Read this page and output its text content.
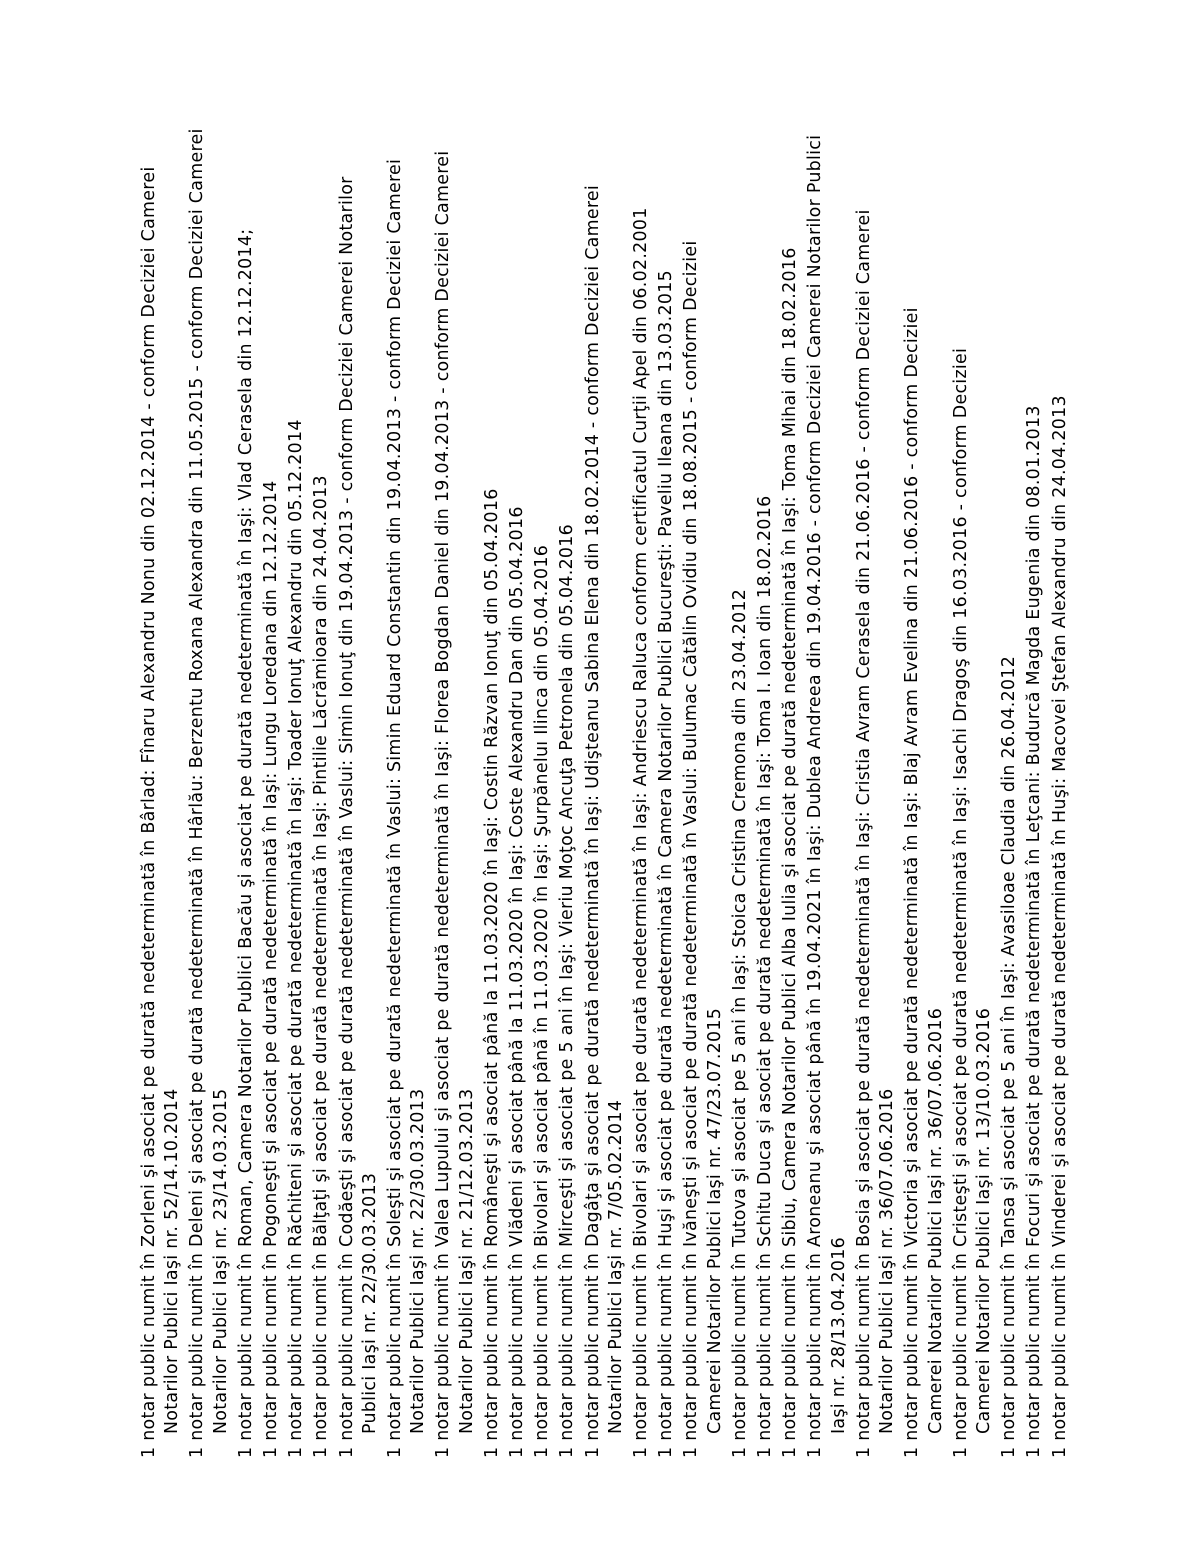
1 notar public numit în Zorleni şi asociat pe durată nedeterminată în Bârlad: Fînaru Alexandru Nonu din 02.12.2014 - conform Deciziei Camerei Notarilor Publici Iaşi nr. 52/14.10.2014 1 notar public numit în Deleni şi asociat pe durată nedeterminată în Hârlău: Berzentu Roxana Alexandra din 11.05.2015 - conform Deciziei Camerei Notarilor Publici Iaşi nr. 23/14.03.2015 1 notar public numit în Roman, Camera Notarilor Publici Bacău şi asociat pe durată nedeterminată în Iaşi: Vlad Cerasela din 12.12.2014; 1 notar public numit în Pogoneşti şi asociat pe durată nedeterminată în Iaşi: Lungu Loredana din 12.12.2014 1 notar public numit în Răchiteni şi asociat pe durată nedeterminată în Iaşi: Toader Ionuţ Alexandru din 05.12.2014 1 notar public numit în Bălţaţi şi asociat pe durată nedeterminată în Iaşi: Pintilie Lăcrămioara din 24.04.2013 1 notar public numit în Codăeşti şi asociat pe durată nedeterminată în Vaslui: Simin Ionuţ din 19.04.2013 - conform Deciziei Camerei Notarilor Publici Iaşi nr. 22/30.03.2013 1 notar public numit în Soleşti şi asociat pe durată nedeterminată în Vaslui: Simin Eduard Constantin din 19.04.2013 - conform Deciziei Camerei Notarilor Publici Iaşi nr. 22/30.03.2013 1 notar public numit în Valea Lupului şi asociat pe durată nedeterminată în Iaşi: Florea Bogdan Daniel din 19.04.2013 - conform Deciziei Camerei Notarilor Publici Iaşi nr. 21/12.03.2013 1 notar public numit în Româneşti şi asociat până la 11.03.2020 în Iaşi: Costin Răzvan Ionuţ din 05.04.2016 1 notar public numit în Vlădeni şi asociat până la 11.03.2020 în Iaşi: Coste Alexandru Dan din 05.04.2016 1 notar public numit în Bivolari şi asociat până în 11.03.2020 în Iaşi: Şurpăneluı Ilinca din 05.04.2016 1 notar public numit în Mirceşti şi asociat pe 5 ani în Iaşi: Vieriu Moţoc Ancuţa Petronela din 05.04.2016 1 notar public numit în Dagâţa şi asociat pe durată nedeterminată în Iaşi: Udişteanu Sabina Elena din 18.02.2014 - conform Deciziei Camerei Notarilor Publici Iaşi nr. 7/05.02.2014 1 notar public numit în Bivolari şi asociat pe durată nedeterminată în Iaşi: Andriescu Raluca conform certificatul Curţii Apel din 06.02.2001 1 notar public numit în Huşi şi asociat pe durată nedeterminată în Camera Notarilor Publici Bucureşti: Paveliu Ileana din 13.03.2015 1 notar public numit în Ivăneşti şi asociat pe durată nedeterminată în Vaslui: Bulumac Cătălin Ovidiu din 18.08.2015 - conform Deciziei Camerei Notarilor Publici Iaşi nr. 47/23.07.2015 1 notar public numit în Tutova şi asociat pe 5 ani în Iaşi: Stoica Cristina Cremona din 23.04.2012 1 notar public numit în Schitu Duca şi asociat pe durată nedeterminată în Iaşi: Toma I. Ioan din 18.02.2016 1 notar public numit în Sibiu, Camera Notarilor Publici Alba Iulia şi asociat pe durată nedeterminată în Iaşi: Toma Mihai din 18.02.2016 1 notar public numit în Aroneanu şi asociat până în 19.04.2021 în Iaşi: Dublea Andreea din 19.04.2016 - conform Deciziei Camerei Notarilor Publici Iaşi nr. 28/13.04.2016 1 notar public numit în Bosia şi asociat pe durată nedeterminată în Iaşi: Cristia Avram Cerasela din 21.06.2016 - conform Deciziei Camerei Notarilor Publici Iaşi nr. 36/07.06.2016 1 notar public numit în Victoria şi asociat pe durată nedeterminată în Iaşi: Blaj Avram Evelina din 21.06.2016 - conform Deciziei Camerei Notarilor Publici Iaşi nr. 36/07.06.2016 1 notar public numit în Cristeşti şi asociat pe durată nedeterminată în Iaşi: Isachi Dragoş din 16.03.2016 - conform Deciziei Camerei Notarilor Publici Iaşi nr. 13/10.03.2016 1 notar public numit în Tansa şi asociat pe 5 ani în Iaşi: Avasiloae Claudia din 26.04.2012 1 notar public numit în Focuri şi asociat pe durată nedeterminată în Leţcani: Budurcă Magda Eugenia din 08.01.2013 1 notar public numit în Vinderei şi asociat pe durată nedeterminată în Huşi: Macovei Ştefan Alexandru din 24.04.2013
